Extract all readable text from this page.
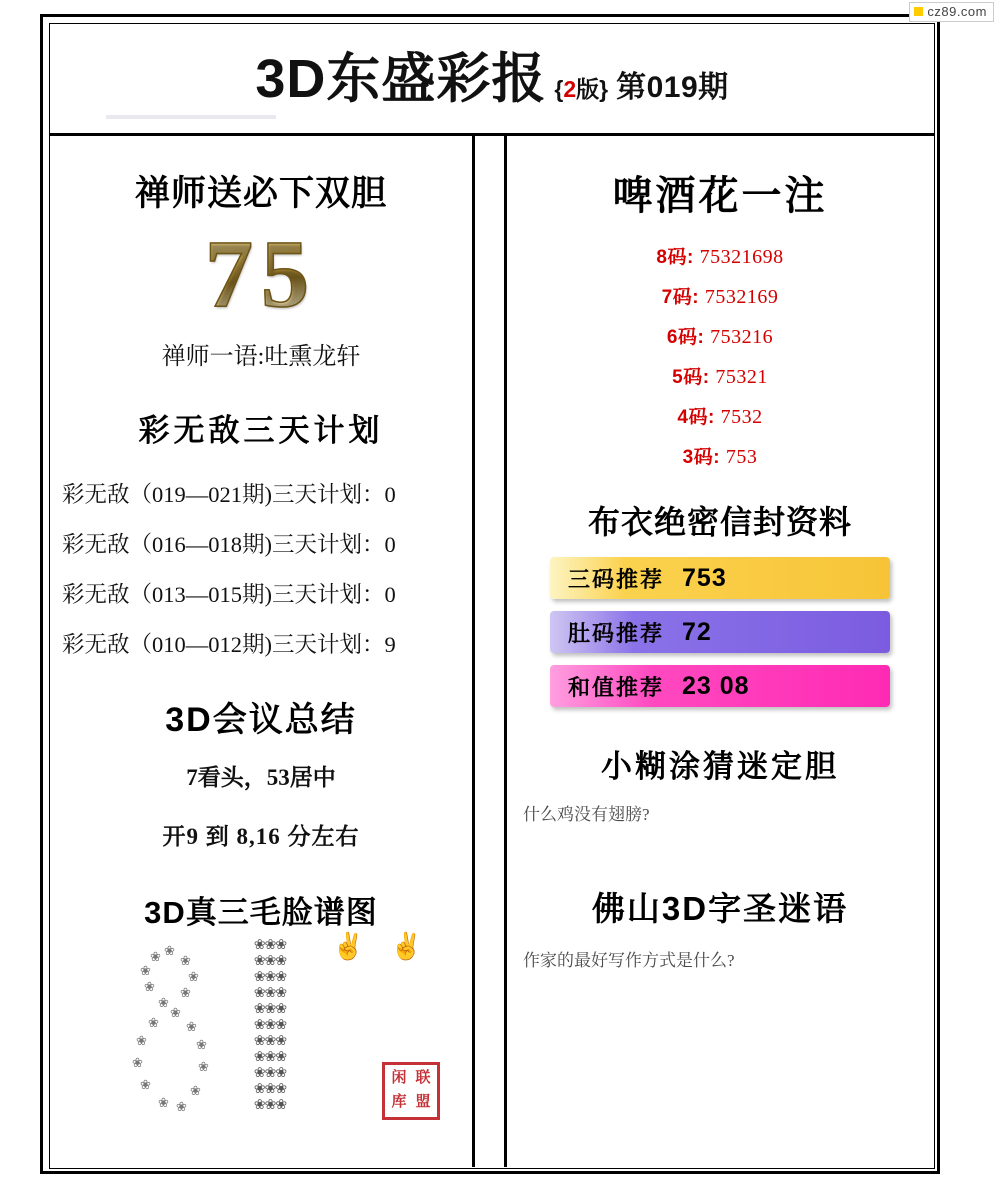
cz89.com
3D东盛彩报 {2版} 第019期
禅师送必下双胆
75
禅师一语:吐熏龙轩
彩无敌三天计划
彩无敌（019—021期)三天计划：0
彩无敌（016—018期)三天计划：0
彩无敌（013—015期)三天计划：0
彩无敌（010—012期)三天计划：9
3D会议总结
7看头，53居中
开9 到 8,16 分左右
3D真三毛脸谱图
❀
❀
❀
❀	❀
❀ ❀
❀
❀
❀ ❀
❀	❀
❀	❀
❀	❀
❀ ❀
❀❀❀
❀❀❀
❀❀❀
❀❀❀
❀❀❀
❀❀❀
❀❀❀
❀❀❀
❀❀❀
❀❀❀
❀❀❀
✌ ✌
闲 联
库 盟
啤酒花一注
8码: 75321698
7码: 7532169
6码: 753216
5码: 75321
4码: 7532
3码: 753
布衣绝密信封资料
三码推荐 753
肚码推荐 72
和值推荐 23 08
小糊涂猜迷定胆
什么鸡没有翅膀?
佛山3D字圣迷语
作家的最好写作方式是什么?
